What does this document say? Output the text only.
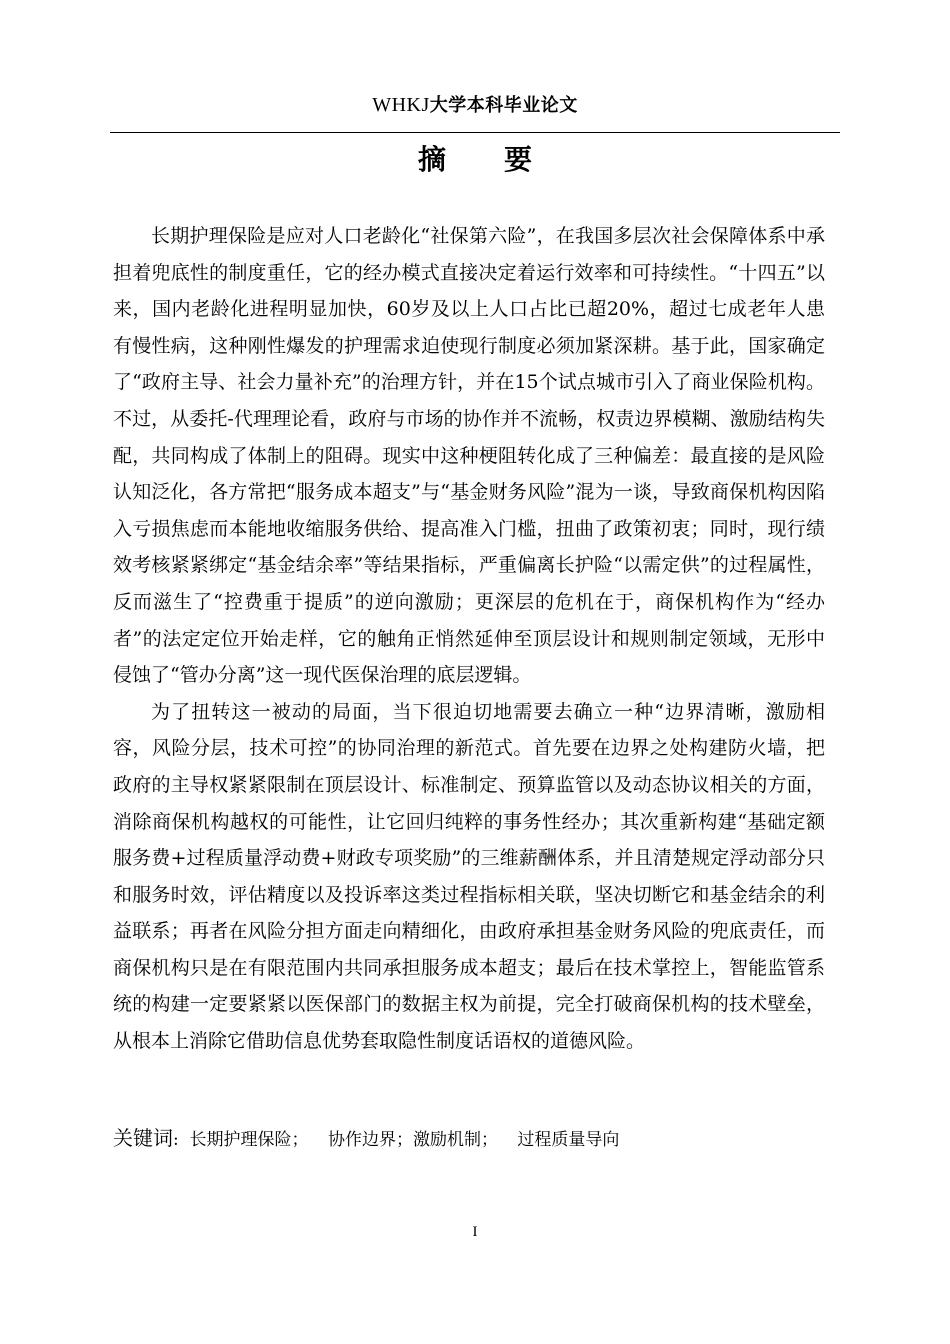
WHKJ大学本科毕业论文
摘要

长期护理保险是应对人口老龄化“社保第六险”，在我国多层次社会保障体系中承担着兜底性的制度重任，它的经办模式直接决定着运行效率和可持续性。“十四五”以来，国内老龄化进程明显加快，60岁及以上人口占比已超20%，超过七成老年人患有慢性病，这种刚性爆发的护理需求迫使现行制度必须加紧深耕。基于此，国家确定了“政府主导、社会力量补充”的治理方针，并在15个试点城市引入了商业保险机构。不过，从委托-代理理论看，政府与市场的协作并不流畅，权责边界模糊、激励结构失配，共同构成了体制上的阻碍。现实中这种梗阻转化成了三种偏差：最直接的是风险认知泛化，各方常把“服务成本超支”与“基金财务风险”混为一谈，导致商保机构因陷入亏损焦虑而本能地收缩服务供给、提高准入门槛，扭曲了政策初衷；同时，现行绩效考核紧紧绑定“基金结余率”等结果指标，严重偏离长护险“以需定供”的过程属性，反而滋生了“控费重于提质”的逆向激励；更深层的危机在于，商保机构作为“经办者”的法定定位开始走样，它的触角正悄然延伸至顶层设计和规则制定领域，无形中侵蚀了“管办分离”这一现代医保治理的底层逻辑。

为了扭转这一被动的局面，当下很迫切地需要去确立一种“边界清晰，激励相容，风险分层，技术可控”的协同治理的新范式。首先要在边界之处构建防火墙，把政府的主导权紧紧限制在顶层设计、标准制定、预算监管以及动态协议相关的方面，消除商保机构越权的可能性，让它回归纯粹的事务性经办；其次重新构建“基础定额服务费+过程质量浮动费+财政专项奖励”的三维薪酬体系，并且清楚规定浮动部分只和服务时效，评估精度以及投诉率这类过程指标相关联，坚决切断它和基金结余的利益联系；再者在风险分担方面走向精细化，由政府承担基金财务风险的兜底责任，而商保机构只是在有限范围内共同承担服务成本超支；最后在技术掌控上，智能监管系统的构建一定要紧紧以医保部门的数据主权为前提，完全打破商保机构的技术壁垒，从根本上消除它借助信息优势套取隐性制度话语权的道德风险。

关键词: 长期护理保险； 协作边界；激励机制； 过程质量导向
I
